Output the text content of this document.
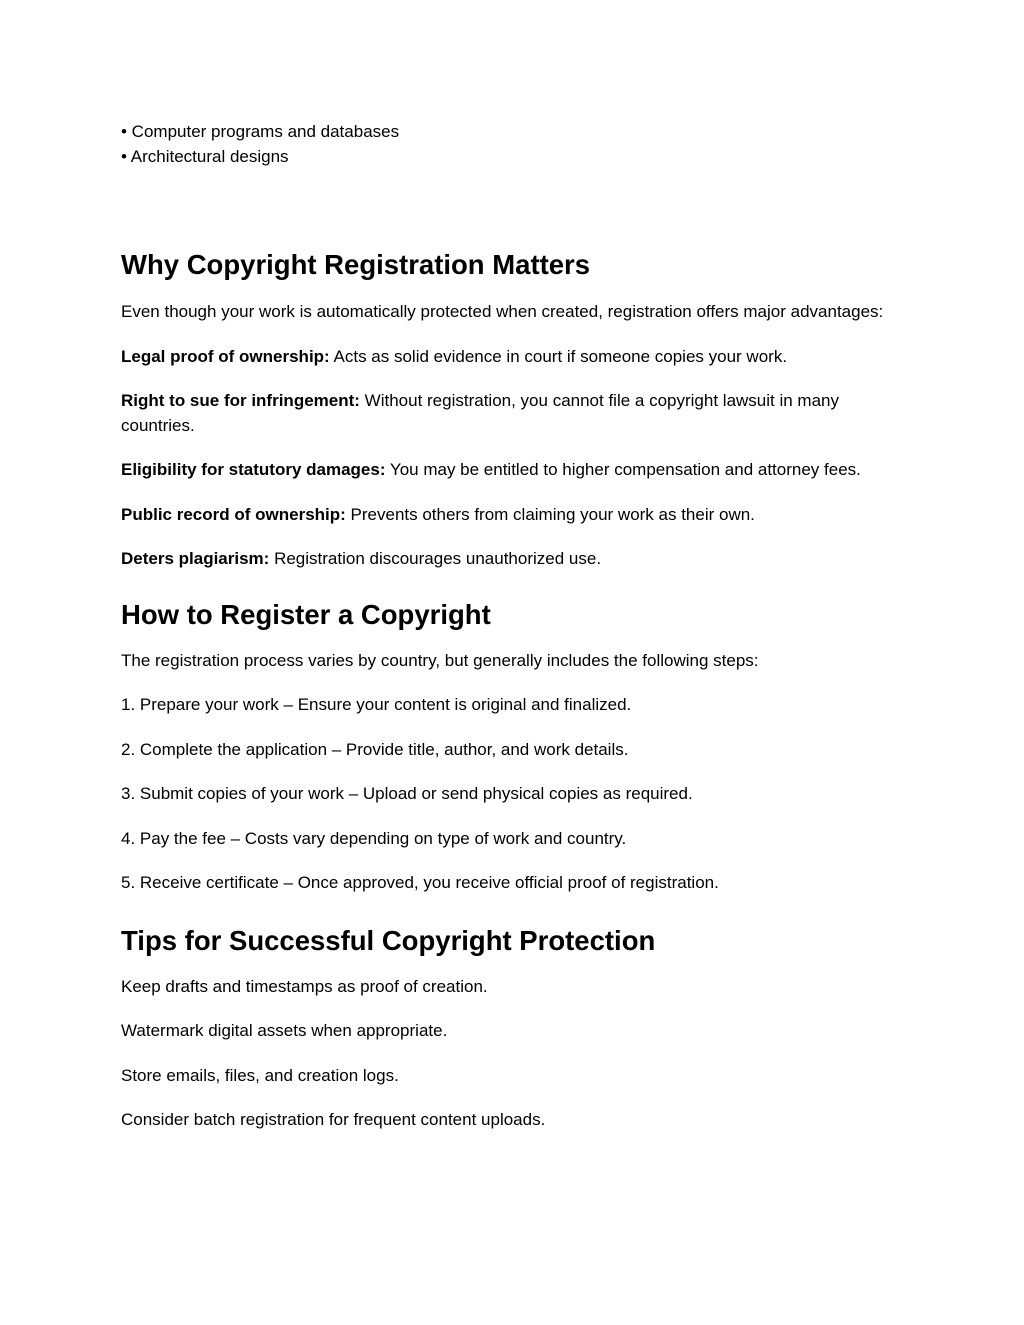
• Computer programs and databases
• Architectural designs
Why Copyright Registration Matters

Even though your work is automatically protected when created, registration offers major advantages:

Legal proof of ownership: Acts as solid evidence in court if someone copies your work.

Right to sue for infringement: Without registration, you cannot file a copyright lawsuit in many countries.

Eligibility for statutory damages: You may be entitled to higher compensation and attorney fees.

Public record of ownership: Prevents others from claiming your work as their own.

Deters plagiarism: Registration discourages unauthorized use.

How to Register a Copyright

The registration process varies by country, but generally includes the following steps:

1. Prepare your work – Ensure your content is original and finalized.

2. Complete the application – Provide title, author, and work details.

3. Submit copies of your work – Upload or send physical copies as required.

4. Pay the fee – Costs vary depending on type of work and country.

5. Receive certificate – Once approved, you receive official proof of registration.

Tips for Successful Copyright Protection

Keep drafts and timestamps as proof of creation.

Watermark digital assets when appropriate.

Store emails, files, and creation logs.

Consider batch registration for frequent content uploads.
